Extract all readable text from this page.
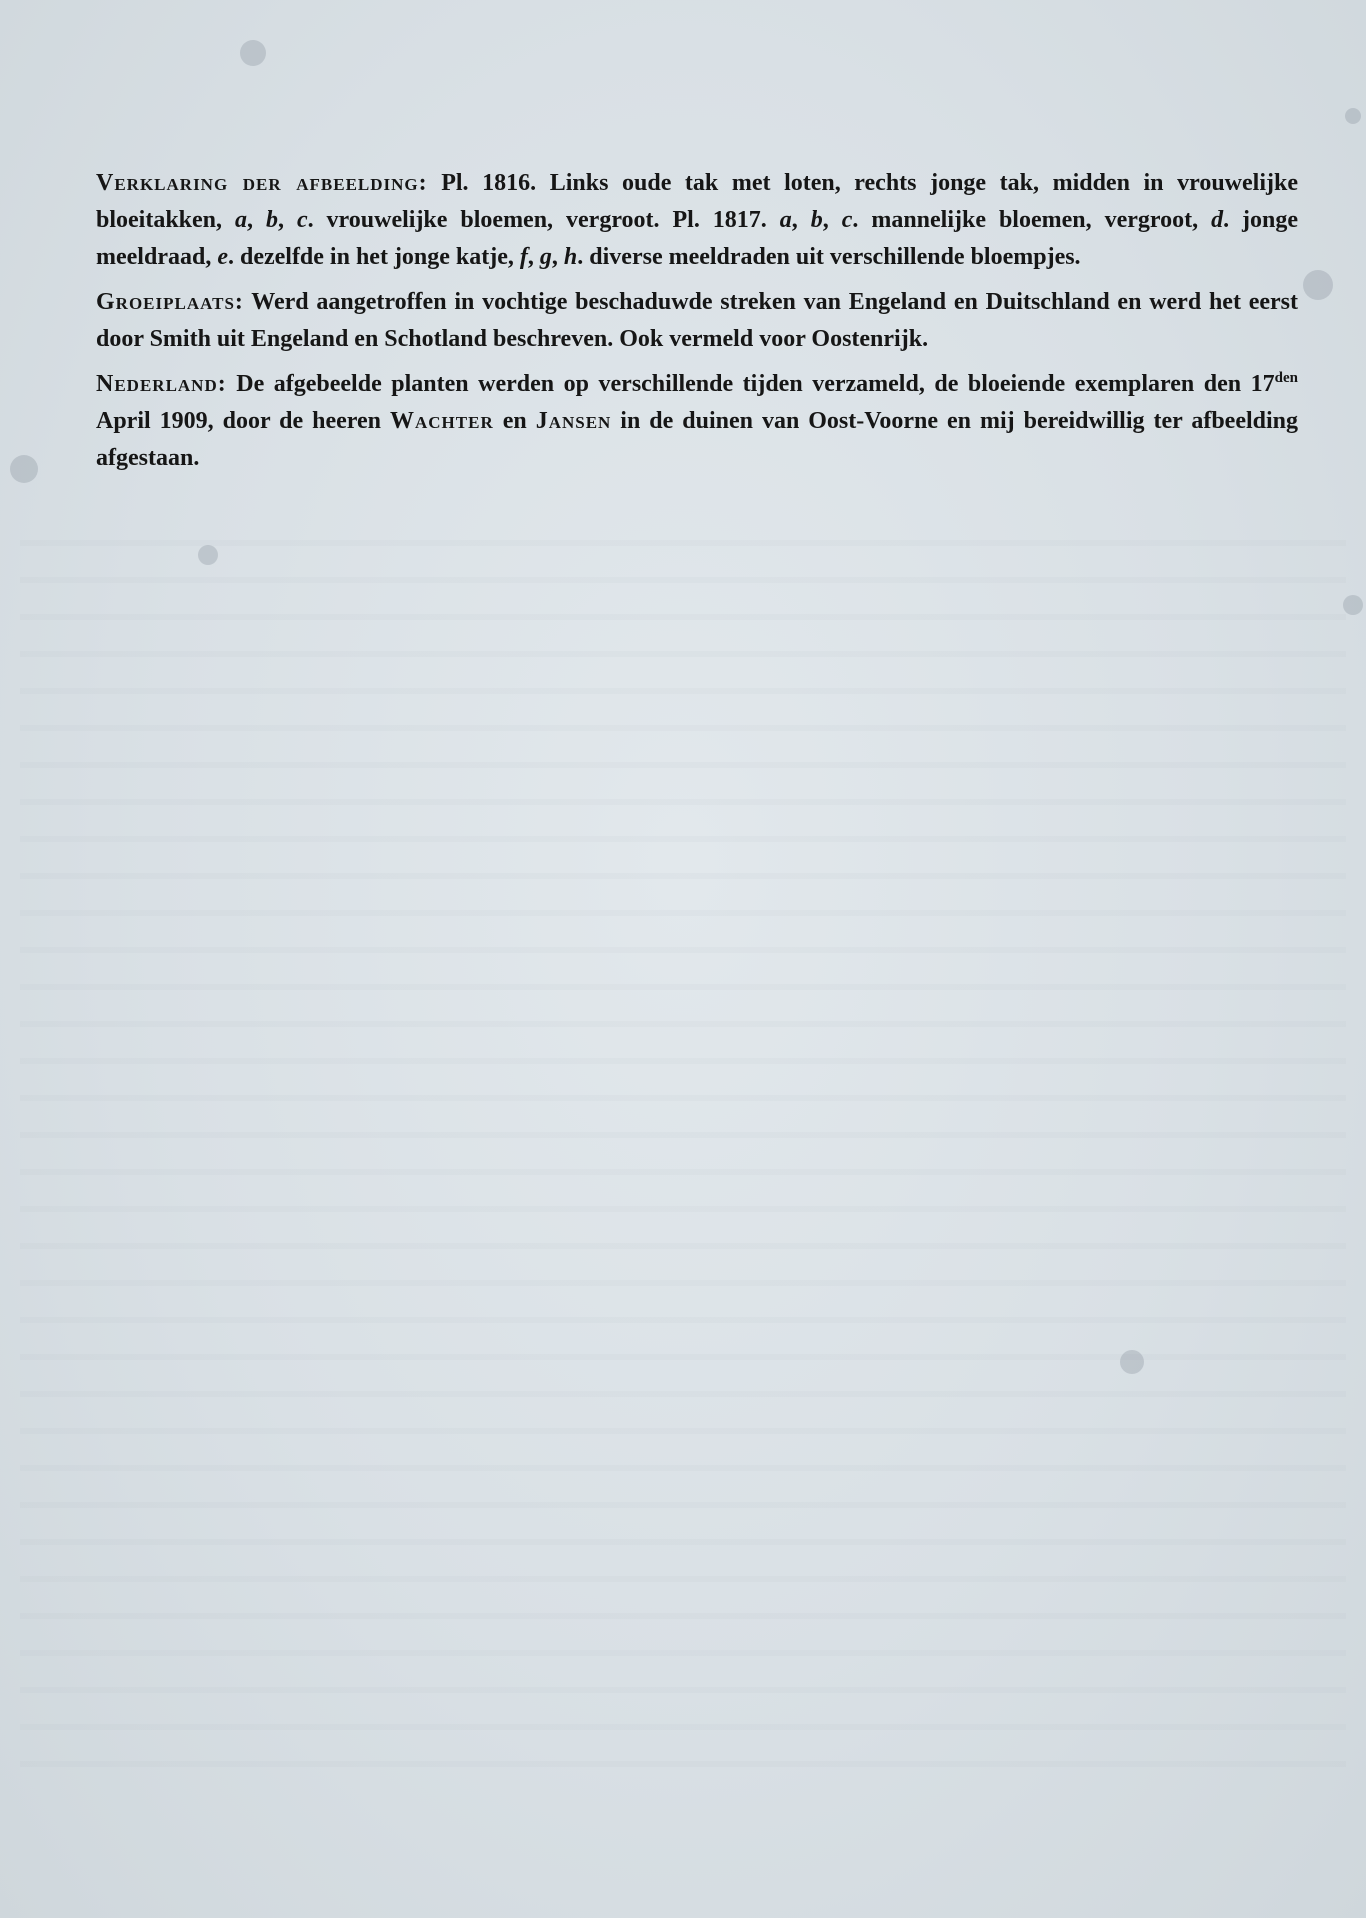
Verklaring der afbeelding: Pl. 1816. Links oude tak met loten, rechts jonge tak, midden in vrouwelijke bloeitakken, a, b, c. vrouwelijke bloemen, vergroot. Pl. 1817. a, b, c. mannelijke bloemen, vergroot, d. jonge meeldraad, e. dezelfde in het jonge katje, f, g, h. diverse meeldraden uit verschillende bloempjes.

Groeiplaats: Werd aangetroffen in vochtige beschaduwde streken van Engeland en Duitschland en werd het eerst door Smith uit Engeland en Schotland beschreven. Ook vermeld voor Oostenrijk.

Nederland: De afgebeelde planten werden op verschillende tijden verzameld, de bloeiende exemplaren den $17^{den}$ April 1909, door de heeren Wachter en Jansen in de duinen van Oost-Voorne en mij bereidwillig ter afbeelding afgestaan.
